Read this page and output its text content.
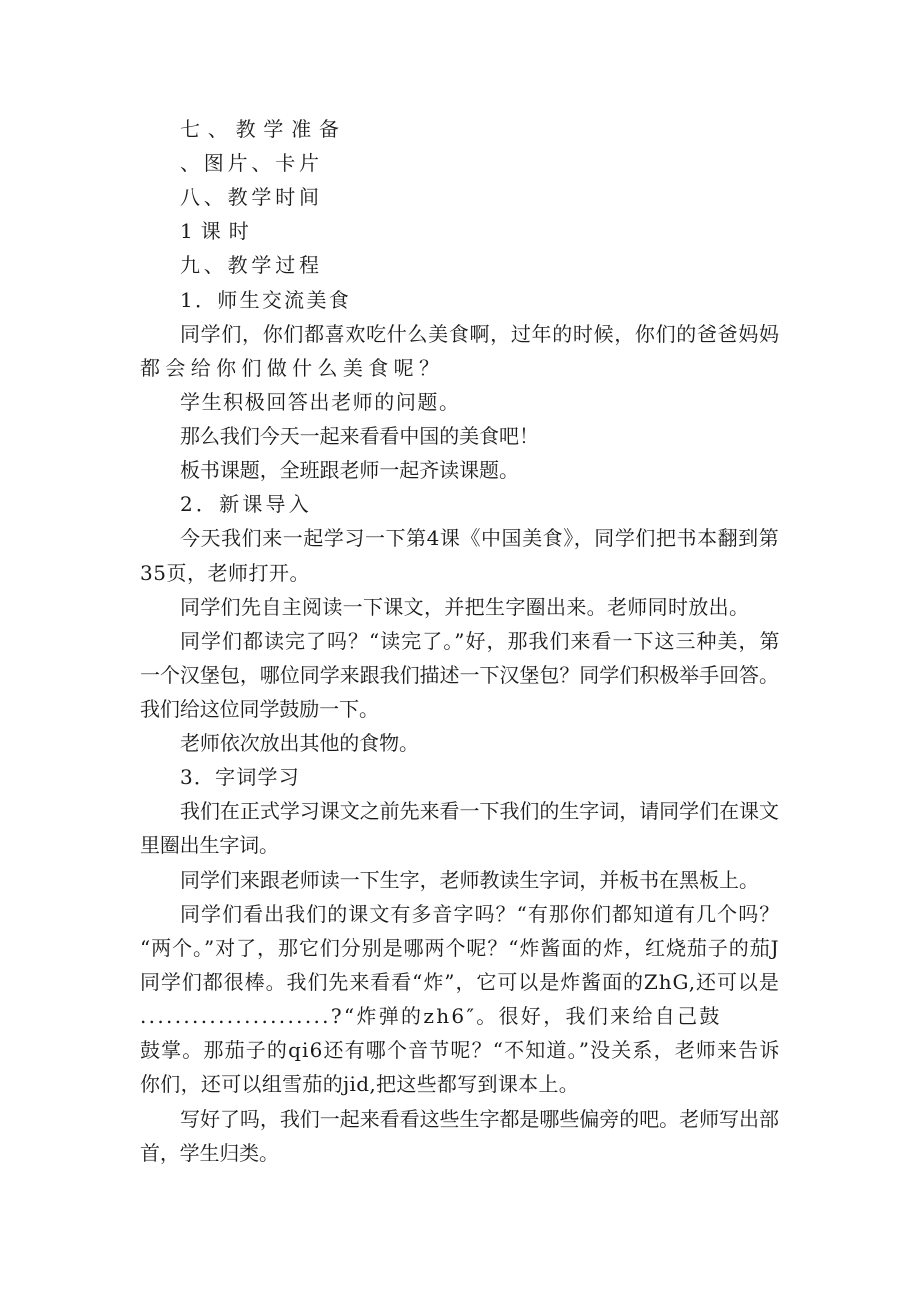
七、教学准备
、图片、卡片
八、教学时间
1课时
九、教学过程
1．师生交流美食
同学们，你们都喜欢吃什么美食啊，过年的时候，你们的爸爸妈妈
都会给你们做什么美食呢？
学生积极回答出老师的问题。
那么我们今天一起来看看中国的美食吧！
板书课题，全班跟老师一起齐读课题。
2．新课导入
今天我们来一起学习一下第4课《中国美食》，同学们把书本翻到第
35页，老师打开。
同学们先自主阅读一下课文，并把生字圈出来。老师同时放出。
同学们都读完了吗？“读完了。”好，那我们来看一下这三种美，第
一个汉堡包，哪位同学来跟我们描述一下汉堡包？同学们积极举手回答。
我们给这位同学鼓励一下。
老师依次放出其他的食物。
3．字词学习
我们在正式学习课文之前先来看一下我们的生字词，请同学们在课文
里圈出生字词。
同学们来跟老师读一下生字，老师教读生字词，并板书在黑板上。
同学们看出我们的课文有多音字吗？“有那你们都知道有几个吗？
“两个。”对了，那它们分别是哪两个呢？“炸酱面的炸，红烧茄子的茄J
同学们都很棒。我们先来看看“炸”，它可以是炸酱面的ZhG,还可以是
......................?“炸弹的zh6″。很好，我们来给自己鼓
鼓掌。那茄子的qi6还有哪个音节呢？“不知道。”没关系，老师来告诉
你们，还可以组雪茄的jid,把这些都写到课本上。
写好了吗，我们一起来看看这些生字都是哪些偏旁的吧。老师写出部
首，学生归类。
